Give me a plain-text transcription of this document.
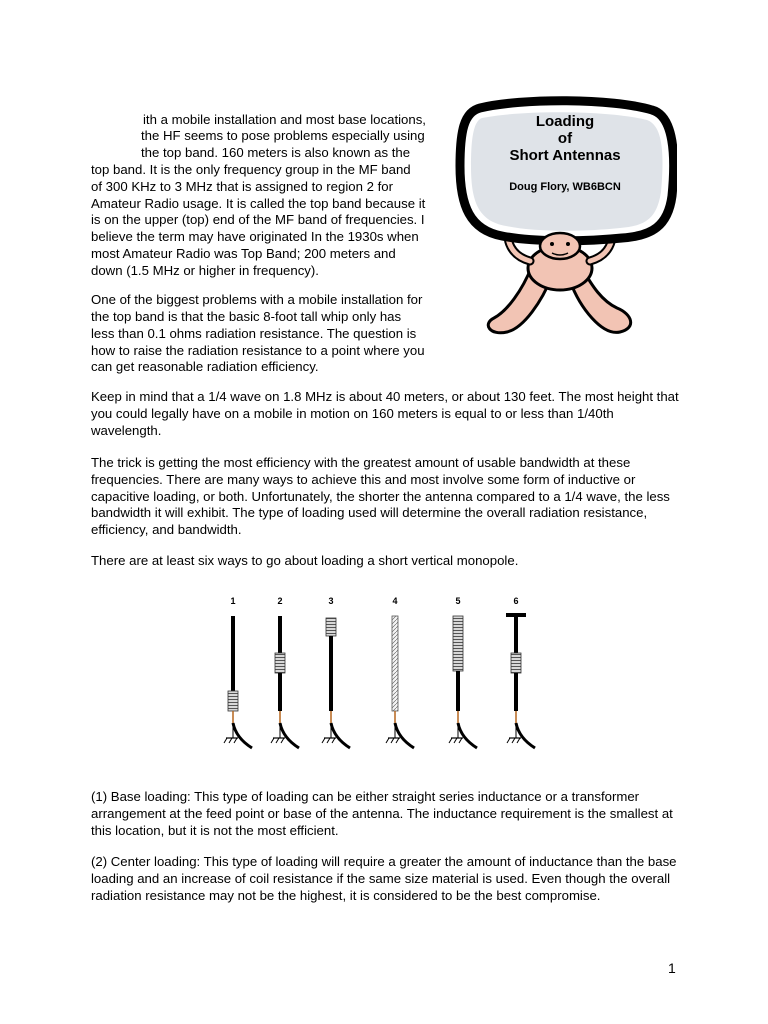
ith a mobile installation and most base locations,

the HF seems to pose problems especially using

the top band. 160 meters is also known as the

top band. It is the only frequency group in the MF band

of 300 KHz to 3 MHz that is assigned to region 2 for

Amateur Radio usage. It is called the top band because it

is on the upper (top) end of the MF band of frequencies. I

believe the term may have originated In the 1930s when

most Amateur Radio was Top Band; 200 meters and

down (1.5 MHz or higher in frequency).

One of the biggest problems with a mobile installation for

the top band is that the basic 8-foot tall whip only has

less than 0.1 ohms radiation resistance. The question is

how to raise the radiation resistance to a point where you

can get reasonable radiation efficiency.

Loading
of
Short Antennas
Doug Flory, WB6BCN

Keep in mind that a 1/4 wave on 1.8 MHz is about 40 meters, or about 130 feet. The most height that you could legally have on a mobile in motion on 160 meters is equal to or less than 1/40th wavelength.

The trick is getting the most efficiency with the greatest amount of usable bandwidth at these frequencies. There are many ways to achieve this and most involve some form of inductive or capacitive loading, or both. Unfortunately, the shorter the antenna compared to a 1/4 wave, the less bandwidth it will exhibit. The type of loading used will determine the overall radiation resistance, efficiency, and bandwidth.

There are at least six ways to go about loading a short vertical monopole.

1	2	3	4	5	6

(1) Base loading: This type of loading can be either straight series inductance or a transformer arrangement at the feed point or base of the antenna. The inductance requirement is the smallest at this location, but it is not the most efficient.

(2) Center loading: This type of loading will require a greater the amount of inductance than the base loading and an increase of coil resistance if the same size material is used. Even though the overall radiation resistance may not be the highest, it is considered to be the best compromise.

1
